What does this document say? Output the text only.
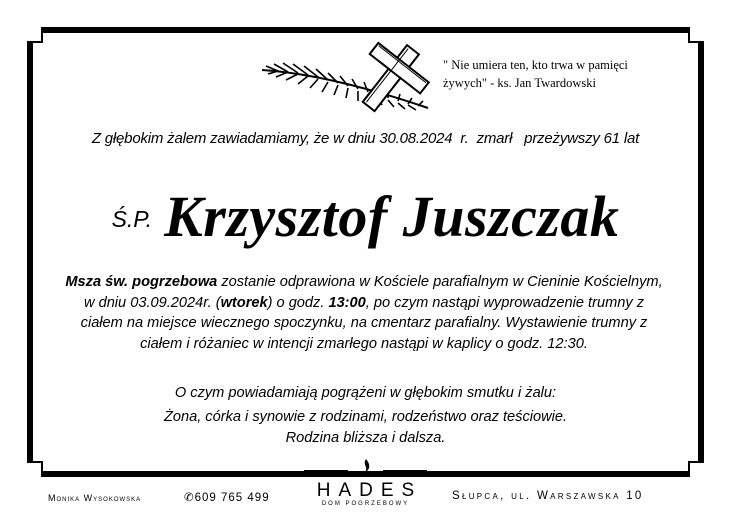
" Nie umiera ten, kto trwa w pamięci
żywych" - ks. Jan Twardowski
Z głębokim żalem zawiadamiamy, że w dniu 30.08.2024 r. zmarł przeżywszy 61 lat
Ś.P. Krzysztof Juszczak
Msza św. pogrzebowa zostanie odprawiona w Kościele parafialnym w Cieninie Kościelnym, w dniu 03.09.2024r. (wtorek) o godz. 13:00, po czym nastąpi wyprowadzenie trumny z ciałem na miejsce wiecznego spoczynku, na cmentarz parafialny. Wystawienie trumny z ciałem i różaniec w intencji zmarłego nastąpi w kaplicy o godz. 12:30.
O czym powiadamiają pogrążeni w głębokim smutku i żalu:
Żona, córka i synowie z rodzinami, rodzeństwo oraz teściowie.
Rodzina bliższa i dalsza.
Monika Wysokowska	✆609 765 499	HADES
DOM POGRZEBOWY
Słupca, ul. Warszawska 10
